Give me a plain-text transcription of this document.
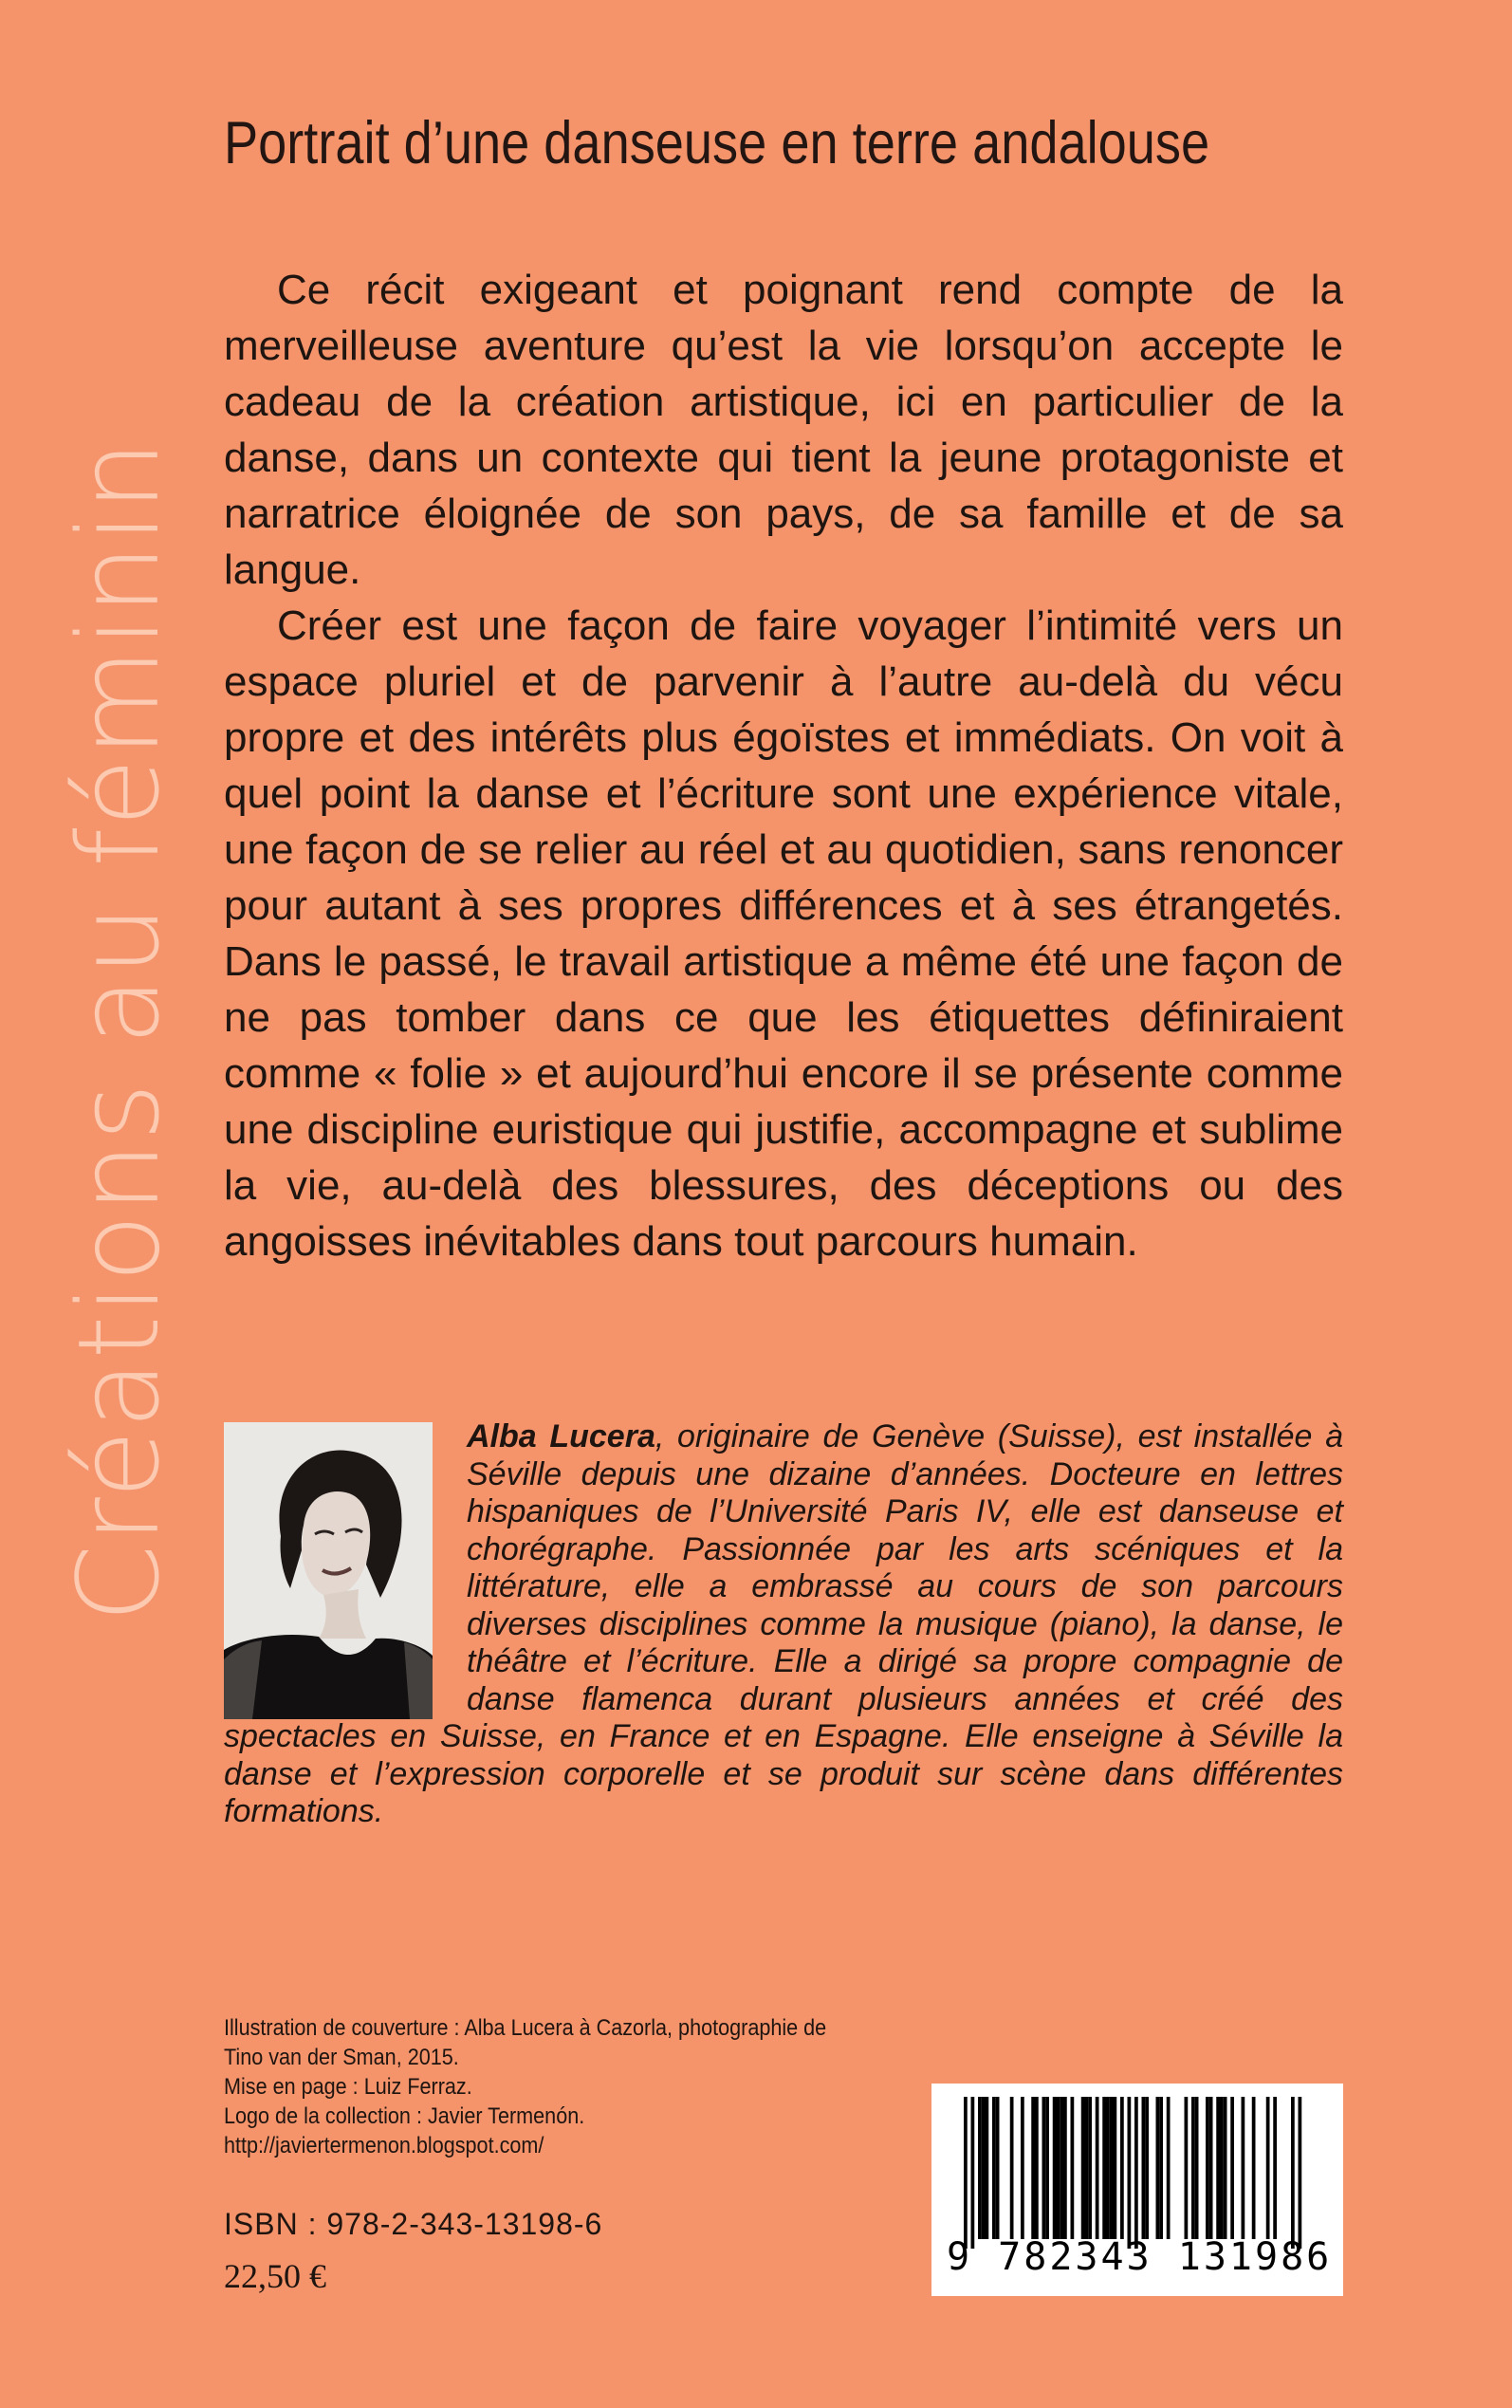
Créations au féminin
Portrait d’une danseuse en terre andalouse

Ce récit exigeant et poignant rend compte de la merveilleuse aventure qu’est la vie lorsqu’on accepte le cadeau de la création artistique, ici en particulier de la danse, dans un contexte qui tient la jeune protagoniste et narratrice éloignée de son pays, de sa famille et de sa langue.

Créer est une façon de faire voyager l’intimité vers un espace pluriel et de parvenir à l’autre au-delà du vécu propre et des intérêts plus égoïstes et immédiats. On voit à quel point la danse et l’écriture sont une expérience vitale, une façon de se relier au réel et au quotidien, sans renoncer pour autant à ses propres différences et à ses étrangetés. Dans le passé, le travail artistique a même été une façon de ne pas tomber dans ce que les étiquettes définiraient comme « folie » et aujourd’hui encore il se présente comme une discipline euristique qui justifie, accompagne et sublime la vie, au-delà des blessures, des déceptions ou des angoisses inévitables dans tout parcours humain.

Alba Lucera, originaire de Genève (Suisse), est installée à Séville depuis une dizaine d’années. Docteure en lettres hispaniques de l’Université Paris IV, elle est danseuse et chorégraphe. Passionnée par les arts scéniques et la littérature, elle a embrassé au cours de son parcours diverses disciplines comme la musique (piano), la danse, le théâtre et l’écriture. Elle a dirigé sa propre compagnie de danse flamenca durant plusieurs années et créé des spectacles en Suisse, en France et en Espagne. Elle enseigne à Séville la danse et l’expression corporelle et se produit sur scène dans différentes formations.
Illustration de couverture : Alba Lucera à Cazorla, photographie de
Tino van der Sman, 2015.
Mise en page : Luiz Ferraz.
Logo de la collection : Javier Termenón.
http://javiertermenon.blogspot.com/
ISBN : 978-2-343-13198-6
22,50 €	9 782343 131986
